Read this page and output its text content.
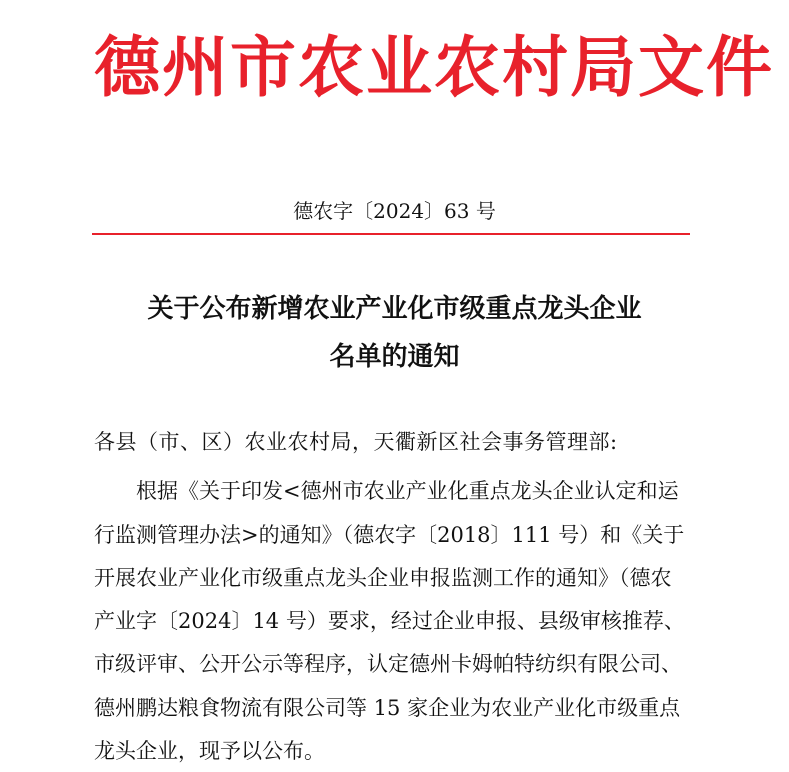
德州市农业农村局文件
德农字〔2024〕63 号
关于公布新增农业产业化市级重点龙头企业
名单的通知
各县（市、区）农业农村局，天衢新区社会事务管理部:
根据《关于印发<德州市农业产业化重点龙头企业认定和运
行监测管理办法>的通知》（德农字〔2018〕111 号）和《关于
开展农业产业化市级重点龙头企业申报监测工作的通知》（德农
产业字〔2024〕14 号）要求，经过企业申报、县级审核推荐、
市级评审、公开公示等程序，认定德州卡姆帕特纺织有限公司、
德州鹏达粮食物流有限公司等 15 家企业为农业产业化市级重点
龙头企业，现予以公布。
